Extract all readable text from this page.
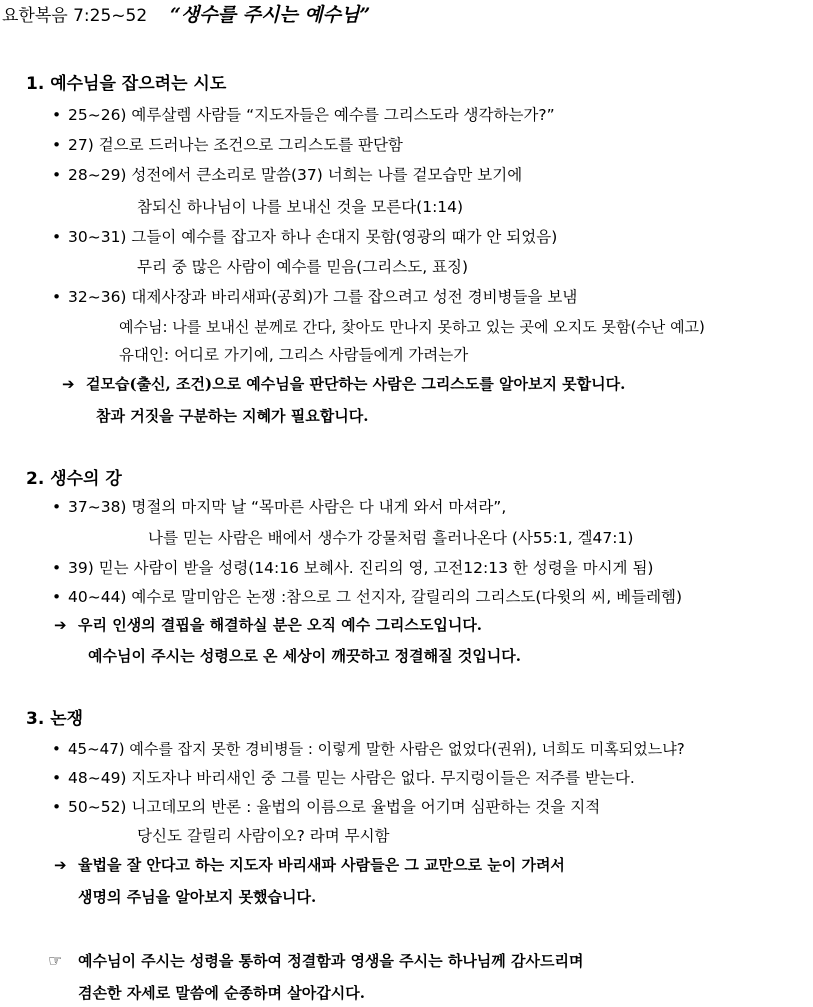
요한복음 7:25~52 “생수를 주시는 예수님”
1. 예수님을 잡으려는 시도
• 25~26) 예루살렘 사람들 “지도자들은 예수를 그리스도라 생각하는가?”
• 27) 겉으로 드러나는 조건으로 그리스도를 판단함
• 28~29) 성전에서 큰소리로 말씀(37) 너희는 나를 겉모습만 보기에
참되신 하나님이 나를 보내신 것을 모른다(1:14)
• 30~31) 그들이 예수를 잡고자 하나 손대지 못함(영광의 때가 안 되었음)
무리 중 많은 사람이 예수를 믿음(그리스도, 표징)
• 32~36) 대제사장과 바리새파(공회)가 그를 잡으려고 성전 경비병들을 보냄
예수님: 나를 보내신 분께로 간다, 찾아도 만나지 못하고 있는 곳에 오지도 못함(수난 예고)
유대인: 어디로 가기에, 그리스 사람들에게 가려는가
➔ 겉모습(출신, 조건)으로 예수님을 판단하는 사람은 그리스도를 알아보지 못합니다.
참과 거짓을 구분하는 지혜가 필요합니다.
2. 생수의 강
• 37~38) 명절의 마지막 날 “목마른 사람은 다 내게 와서 마셔라”,
나를 믿는 사람은 배에서 생수가 강물처럼 흘러나온다 (사55:1, 겔47:1)
• 39) 믿는 사람이 받을 성령(14:16 보혜사. 진리의 영, 고전12:13 한 성령을 마시게 됨)
• 40~44) 예수로 말미암은 논쟁 :참으로 그 선지자, 갈릴리의 그리스도(다윗의 씨, 베들레헴)
➔ 우리 인생의 결핍을 해결하실 분은 오직 예수 그리스도입니다.
예수님이 주시는 성령으로 온 세상이 깨끗하고 정결해질 것입니다.
3. 논쟁
• 45~47) 예수를 잡지 못한 경비병들 : 이렇게 말한 사람은 없었다(권위), 너희도 미혹되었느냐?
• 48~49) 지도자나 바리새인 중 그를 믿는 사람은 없다. 무지렁이들은 저주를 받는다.
• 50~52) 니고데모의 반론 : 율법의 이름으로 율법을 어기며 심판하는 것을 지적
당신도 갈릴리 사람이오? 라며 무시함
➔ 율법을 잘 안다고 하는 지도자 바리새파 사람들은 그 교만으로 눈이 가려서
생명의 주님을 알아보지 못했습니다.
☞ 예수님이 주시는 성령을 통하여 정결함과 영생을 주시는 하나님께 감사드리며
겸손한 자세로 말씀에 순종하며 살아갑시다.
